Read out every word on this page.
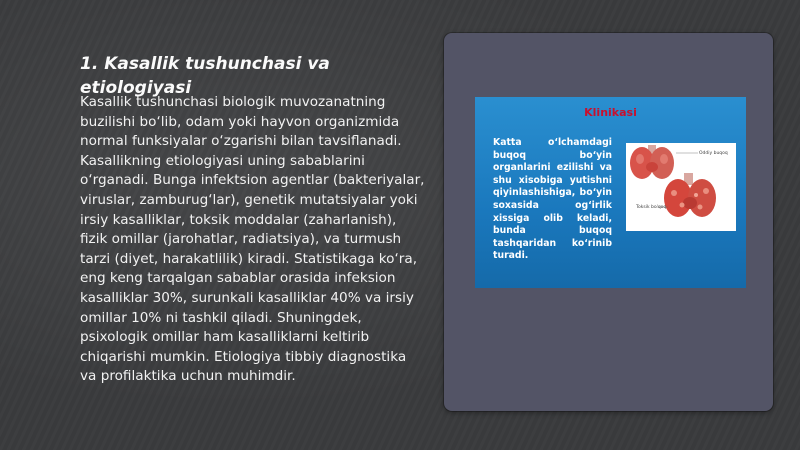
1. Kasallik tushunchasi va etiologiyasi

Kasallik tushunchasi biologik muvozanatning buzilishi bo‘lib, odam yoki hayvon organizmida normal funksiyalar o‘zgarishi bilan tavsiflanadi. Kasallikning etiologiyasi uning sabablarini o‘rganadi. Bunga infektsion agentlar (bakteriyalar, viruslar, zamburug‘lar), genetik mutatsiyalar yoki irsiy kasalliklar, toksik moddalar (zaharlanish), fizik omillar (jarohatlar, radiatsiya), va turmush tarzi (diyet, harakatlilik) kiradi. Statistikaga ko‘ra, eng keng tarqalgan sabablar orasida infeksion kasalliklar 30%, surunkali kasalliklar 40% va irsiy omillar 10% ni tashkil qiladi. Shuningdek, psixologik omillar ham kasalliklarni keltirib chiqarishi mumkin. Etiologiya tibbiy diagnostika va profilaktika uchun muhimdir.

Klinikasi

Katta o‘lchamdagi buqoq bo‘yin organlarini ezilishi va shu xisobiga yutishni qiyinlashishiga, bo‘yin soxasida og‘irlik xissiga olib keladi, bunda buqoq tashqaridan ko‘rinib turadi.

Oddiy buqoq
Toksik bo'qoq
